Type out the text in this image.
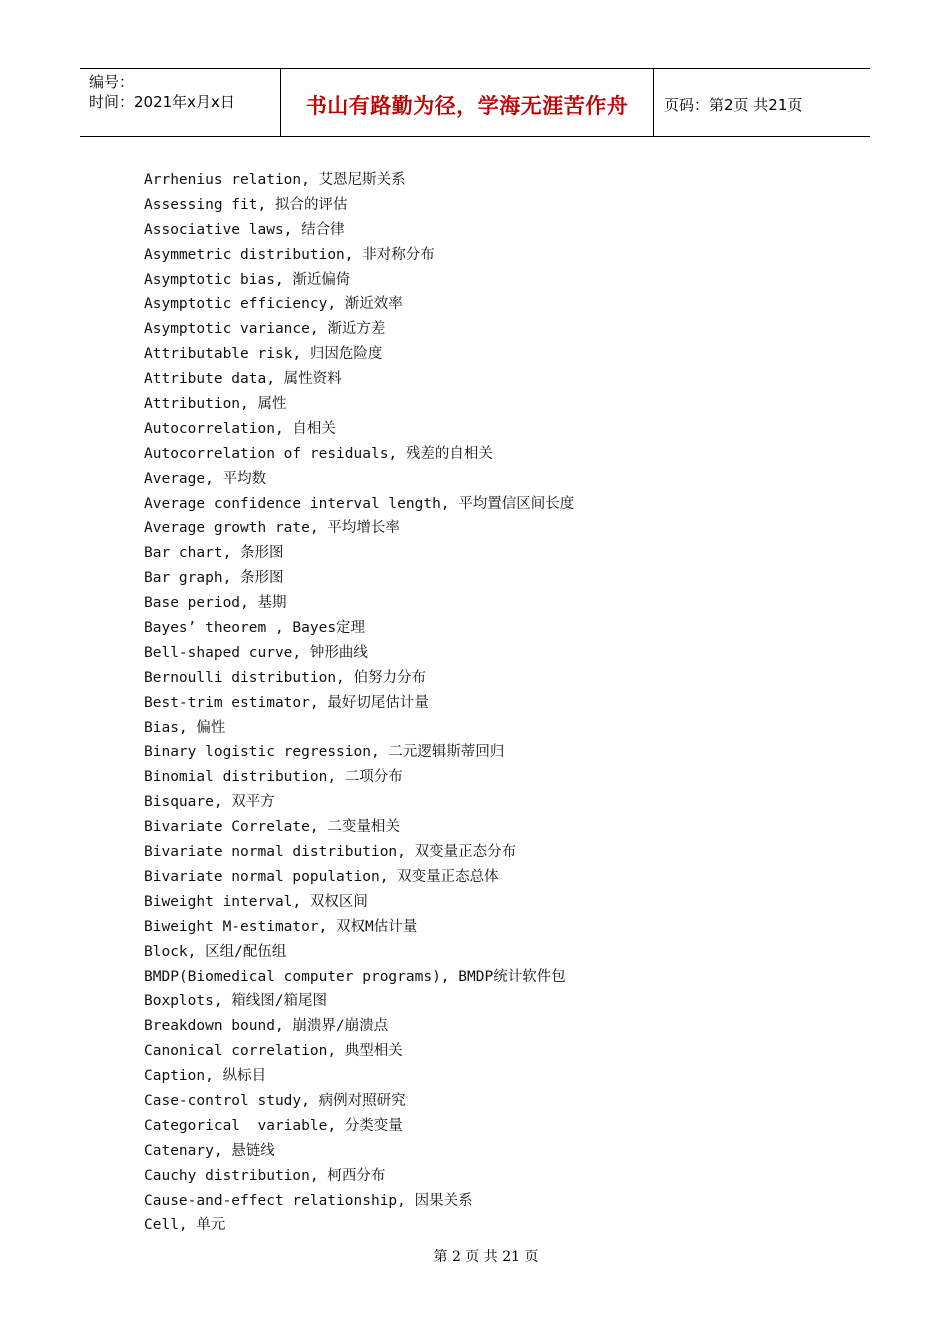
编号：
时间：2021年x月x日	书山有路勤为径，学海无涯苦作舟	页码：第2页 共21页
Arrhenius relation, 艾恩尼斯关系
Assessing fit, 拟合的评估
Associative laws, 结合律
Asymmetric distribution, 非对称分布
Asymptotic bias, 渐近偏倚
Asymptotic efficiency, 渐近效率
Asymptotic variance, 渐近方差
Attributable risk, 归因危险度
Attribute data, 属性资料
Attribution, 属性
Autocorrelation, 自相关
Autocorrelation of residuals, 残差的自相关
Average, 平均数
Average confidence interval length, 平均置信区间长度
Average growth rate, 平均增长率
Bar chart, 条形图
Bar graph, 条形图
Base period, 基期
Bayes’ theorem , Bayes定理
Bell-shaped curve, 钟形曲线
Bernoulli distribution, 伯努力分布
Best-trim estimator, 最好切尾估计量
Bias, 偏性
Binary logistic regression, 二元逻辑斯蒂回归
Binomial distribution, 二项分布
Bisquare, 双平方
Bivariate Correlate, 二变量相关
Bivariate normal distribution, 双变量正态分布
Bivariate normal population, 双变量正态总体
Biweight interval, 双权区间
Biweight M-estimator, 双权M估计量
Block, 区组/配伍组
BMDP(Biomedical computer programs), BMDP统计软件包
Boxplots, 箱线图/箱尾图
Breakdown bound, 崩溃界/崩溃点
Canonical correlation, 典型相关
Caption, 纵标目
Case-control study, 病例对照研究
Categorical  variable, 分类变量
Catenary, 悬链线
Cauchy distribution, 柯西分布
Cause-and-effect relationship, 因果关系
Cell, 单元
第 2 页 共 21 页
